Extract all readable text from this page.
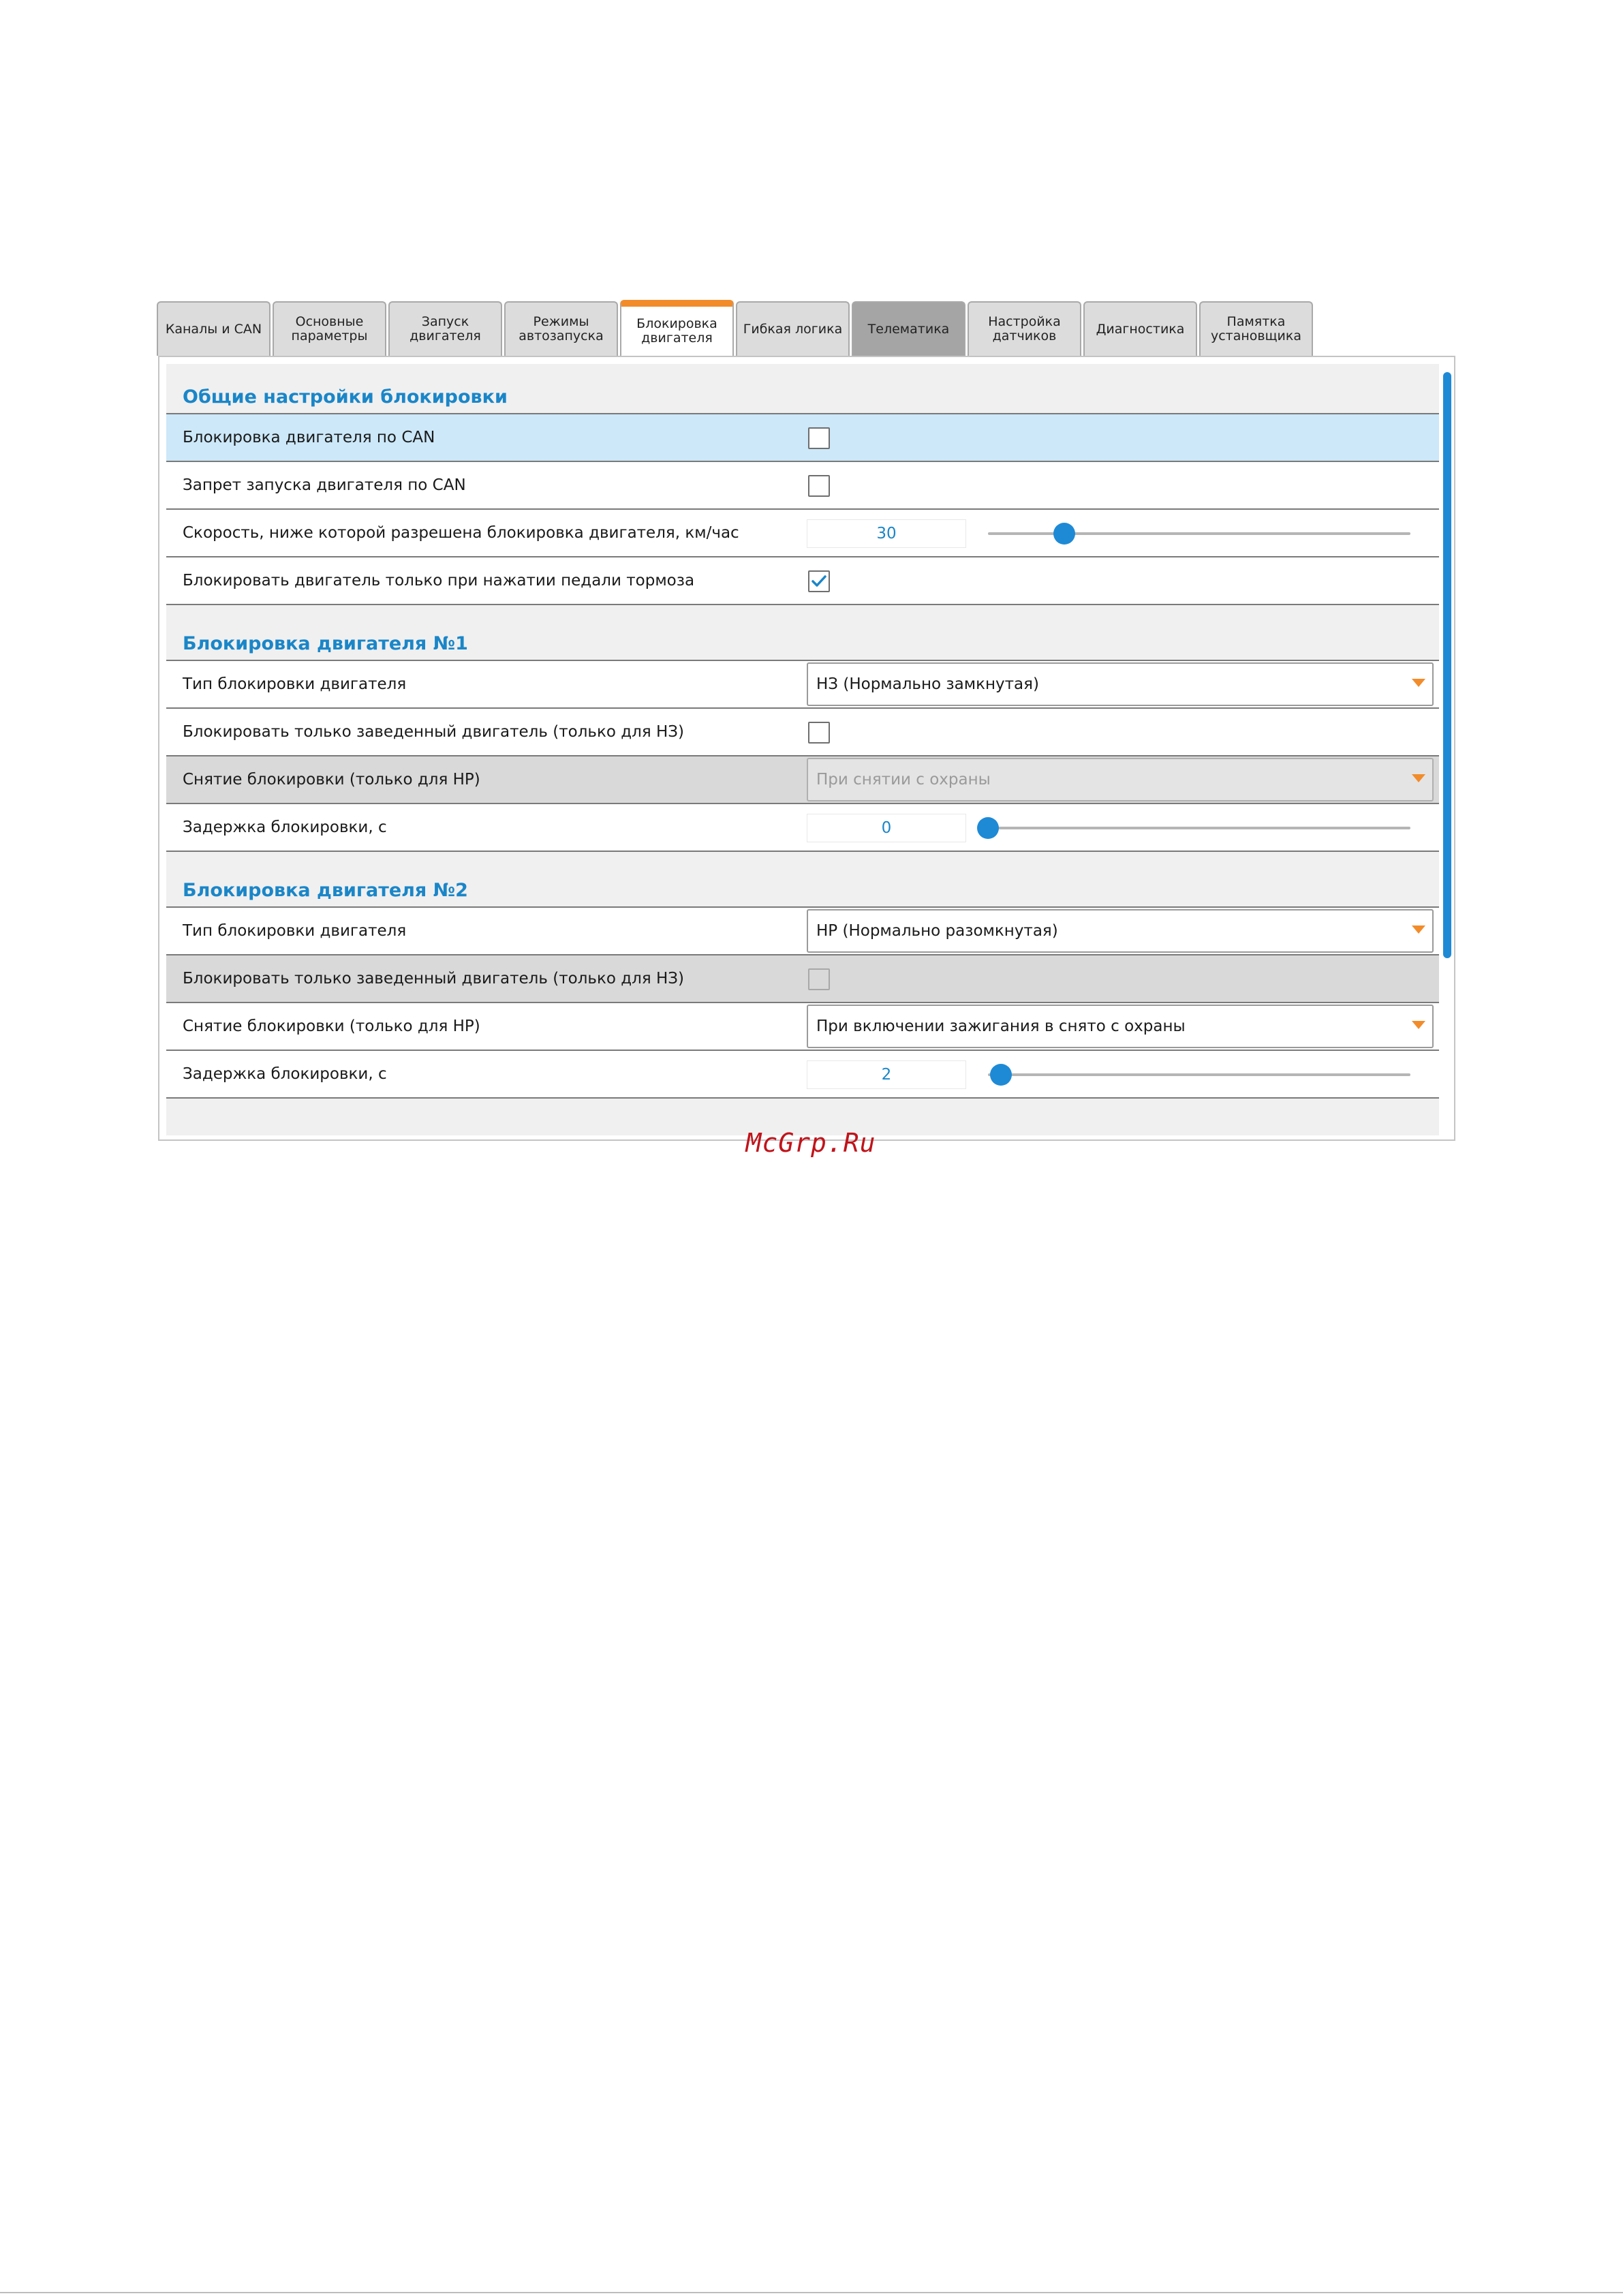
Каналы и CAN	Основные
параметры
Запуск двигателя
Режимы
автозапуска
Блокировка
двигателя
Гибкая логика	Телематика	Настройка
датчиков	Диагностика	Памятка
установщика
Общие настройки блокировки
Блокировка двигателя по CAN
Запрет запуска двигателя по CAN
Скорость, ниже которой разрешена блокировка двигателя, км/час	30
Блокировать двигатель только при нажатии педали тормоза
Блокировка двигателя №1
Тип блокировки двигателя	НЗ (Нормально замкнутая)
Блокировать только заведенный двигатель (только для НЗ)
Снятие блокировки (только для НР)	При снятии с охраны
Задержка блокировки, с	0
Блокировка двигателя №2
Тип блокировки двигателя	НР (Нормально разомкнутая)
Блокировать только заведенный двигатель (только для НЗ)
Снятие блокировки (только для НР)	При включении зажигания в снято с охраны
Задержка блокировки, с	2
McGrp.Ru
